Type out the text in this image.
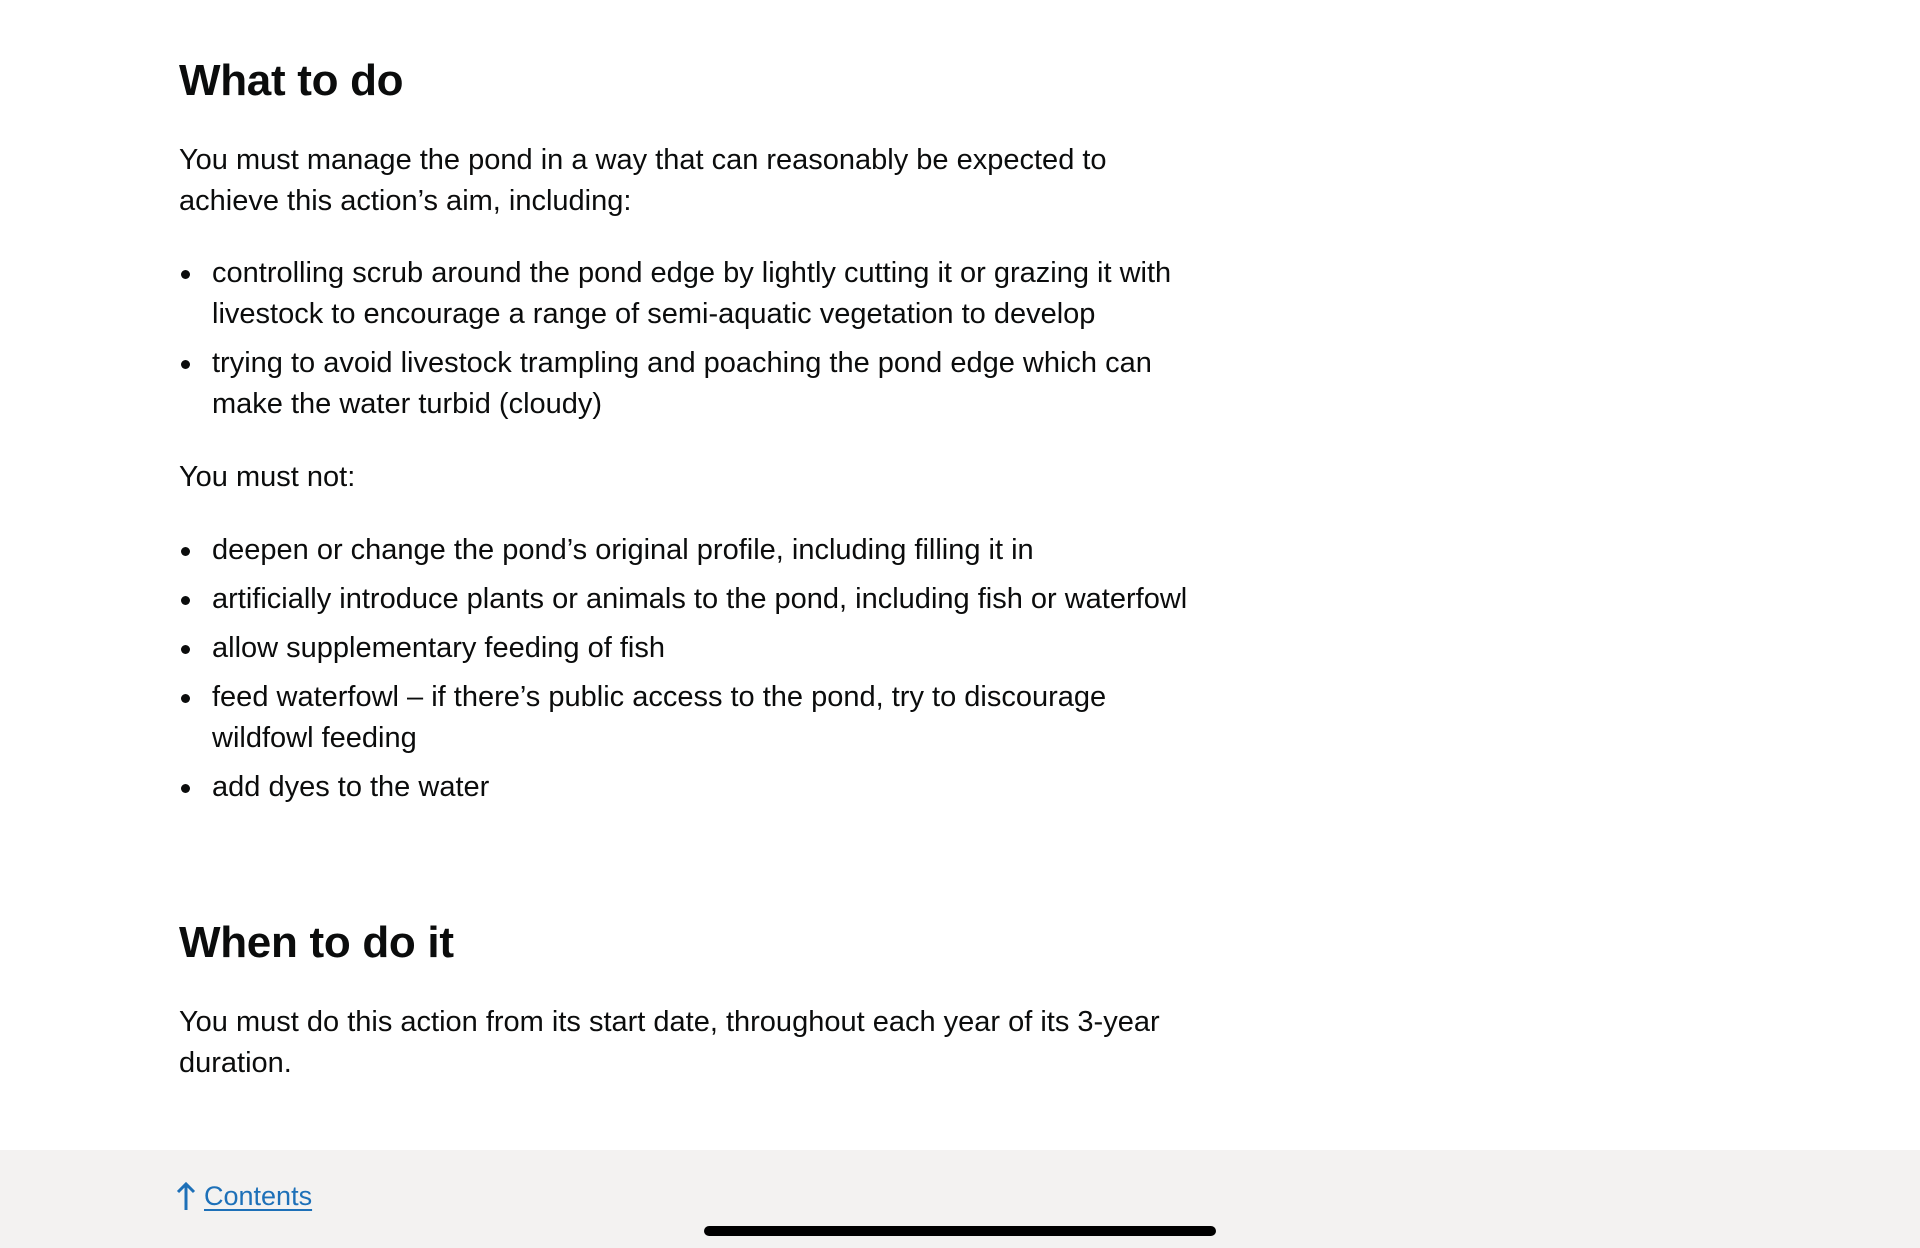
What to do

You must manage the pond in a way that can reasonably be expected to achieve this action’s aim, including:

controlling scrub around the pond edge by lightly cutting it or grazing it with livestock to encourage a range of semi-aquatic vegetation to develop
trying to avoid livestock trampling and poaching the pond edge which can make the water turbid (cloudy)

You must not:

deepen or change the pond’s original profile, including filling it in
artificially introduce plants or animals to the pond, including fish or waterfowl
allow supplementary feeding of fish
feed waterfowl – if there’s public access to the pond, try to discourage wildfowl feeding
add dyes to the water
When to do it

You must do this action from its start date, throughout each year of its 3-year duration.

Contents
